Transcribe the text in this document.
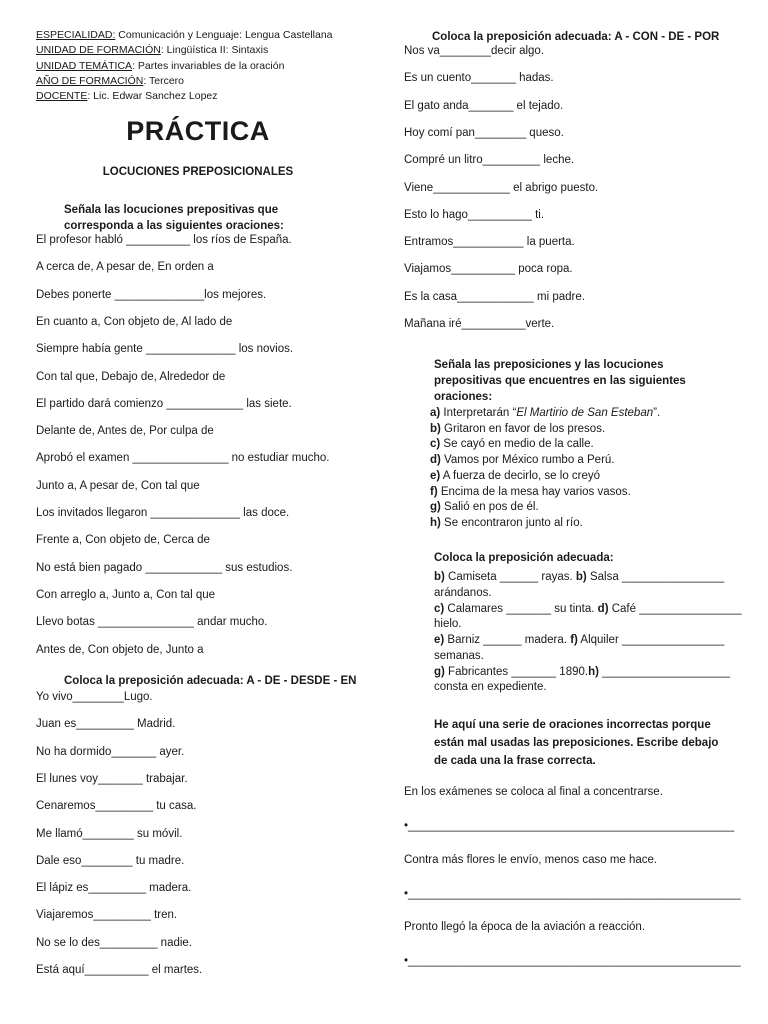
ESPECIALIDAD: Comunicación y Lenguaje: Lengua Castellana
UNIDAD DE FORMACIÓN: Lingüística II: Sintaxis
UNIDAD TEMÁTICA: Partes invariables de la oración
AÑO DE FORMACIÓN: Tercero
DOCENTE: Lic. Edwar Sanchez Lopez
PRÁCTICA
LOCUCIONES PREPOSICIONALES
Señala las locuciones prepositivas que corresponda a las siguientes oraciones:
El profesor habló __________ los ríos de España.
A cerca de, A pesar de, En orden a
Debes ponerte ______________los mejores.
En cuanto a, Con objeto de, Al lado de
Siempre había gente ______________ los novios.
Con tal que, Debajo de, Alrededor de
El partido dará comienzo ____________ las siete.
Delante de, Antes de, Por culpa de
Aprobó el examen _______________ no estudiar mucho.
Junto a, A pesar de, Con tal que
Los invitados llegaron ______________ las doce.
Frente a, Con objeto de, Cerca de
No está bien pagado ____________ sus estudios.
Con arreglo a, Junto a, Con tal que
Llevo botas _______________ andar mucho.
Antes de, Con objeto de, Junto a
Coloca la preposición adecuada: A - DE - DESDE - EN
Yo vivo________Lugo.
Juan es_________ Madrid.
No ha dormido_______ ayer.
El lunes voy_______ trabajar.
Cenaremos_________ tu casa.
Me llamó________ su móvil.
Dale eso________ tu madre.
El lápiz es_________ madera.
Viajaremos_________ tren.
No se lo des_________ nadie.
Está aquí__________ el martes.
Coloca la preposición adecuada: A - CON - DE - POR
Nos va________decir algo.
Es un cuento_______ hadas.
El gato anda_______ el tejado.
Hoy comí pan________ queso.
Compré un litro_________ leche.
Viene____________ el abrigo puesto.
Esto lo hago__________ ti.
Entramos___________ la puerta.
Viajamos__________ poca ropa.
Es la casa____________ mi padre.
Mañana iré__________verte.
Señala las preposiciones y las locuciones prepositivas que encuentres en las siguientes oraciones:
a) Interpretarán “El Martirio de San Esteban”.
b) Gritaron en favor de los presos.
c) Se cayó en medio de la calle.
d) Vamos por México rumbo a Perú.
e) A fuerza de decirlo, se lo creyó
f) Encima de la mesa hay varios vasos.
g) Salió en pos de él.
h) Se encontraron junto al río.
Coloca la preposición adecuada:
b) Camiseta ______ rayas. b) Salsa ________________
arándanos.
c) Calamares _______ su tinta. d) Café ________________
hielo.
e) Barniz ______ madera. f) Alquiler ________________
semanas.
g) Fabricantes _______ 1890.h) ____________________
consta en expediente.
He aquí una serie de oraciones incorrectas porque están mal usadas las preposiciones. Escribe debajo de cada una la frase correcta.
En los exámenes se coloca al final a concentrarse.
•___________________________________________________
Contra más flores le envío, menos caso me hace.
•____________________________________________________
Pronto llegó la época de la aviación a reacción.
•____________________________________________________
